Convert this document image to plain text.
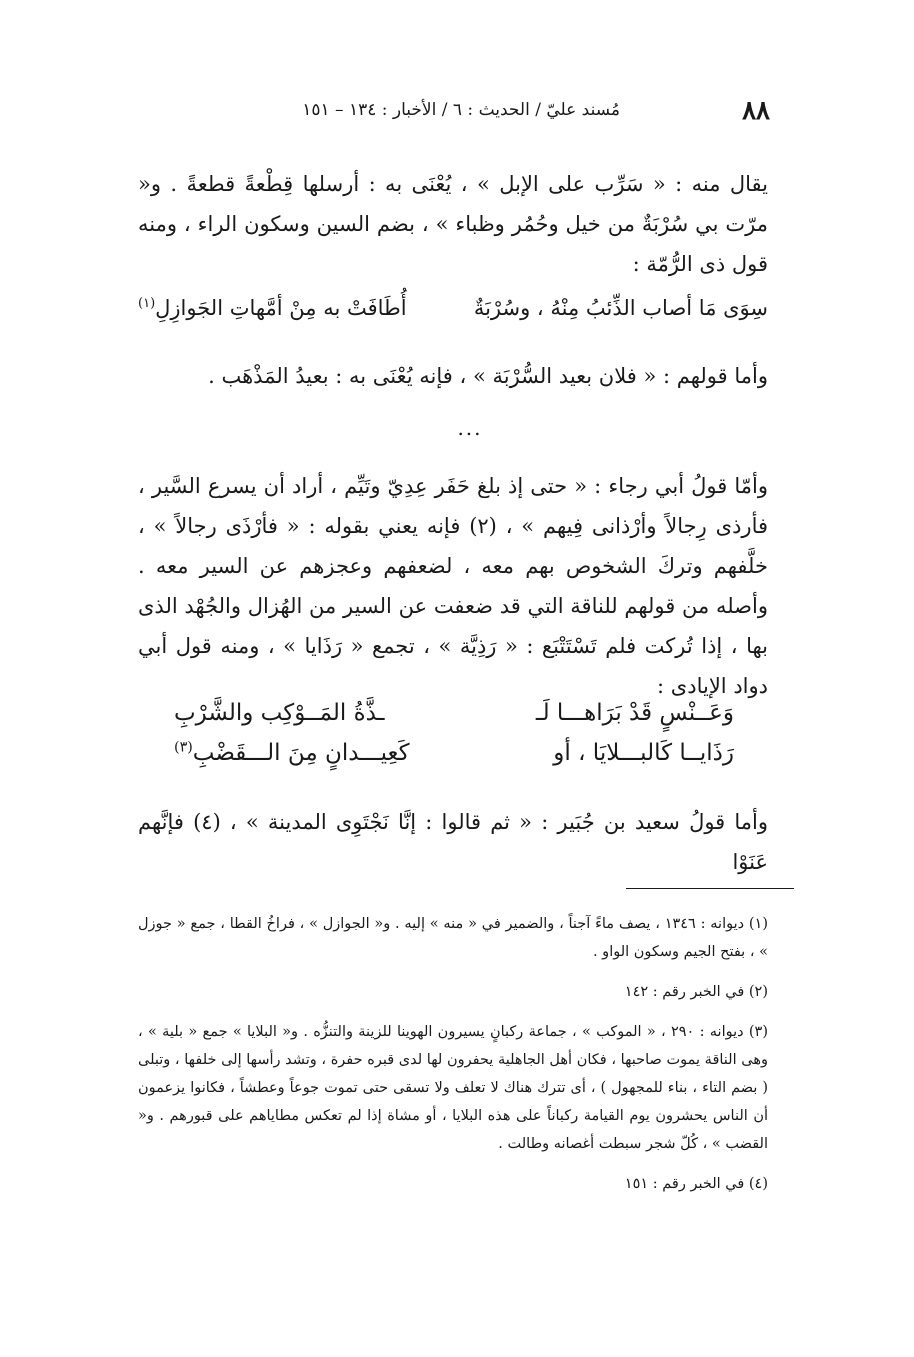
٨٨
مُسند عليّ / الحديث : ٦ / الأخبار : ١٣٤ – ١٥١

يقال منه : « سَرِّب على الإبل » ، يُعْنَى به : أرسلها قِطْعةً قطعةً . و« مرّت بي سُرْبَةٌ من خيل وحُمُر وظباء » ، بضم السين وسكون الراء ، ومنه قول ذى الرُّمّة :

سِوَى مَا أصاب الذِّئبُ مِنْهُ ، وسُرْبَةٌ
أُطَافَتْ به مِنْ أمَّهاتِ الجَوازِلِ$^{(١)}$

وأما قولهم : « فلان بعيد السُّرْبَة » ، فإنه يُعْنَى به : بعيدُ المَذْهَب .

...

وأمّا قولُ أبي رجاء : « حتى إذ بلغ حَفَر عِدِيّ وتَيِّم ، أراد أن يسرع السَّير ، فأرذى رِجالاً وأرْذانى فِيهم » ، (٢) فإنه يعني بقوله : « فأرْذَى رجالاً » ، خلَّفهم وتركَ الشخوص بهم معه ، لضعفهم وعجزهم عن السير معه . وأصله من قولهم للناقة التي قد ضعفت عن السير من الهُزال والجُهْد الذى بها ، إذا تُركت فلم تَسْتَتْبَع : « رَذِيَّة » ، تجمع « رَذَايا » ، ومنه قول أبي دواد الإيادى :

وَعَــنْسٍ قَدْ بَرَاهـــا لَـ
ـذَّةُ المَــوْكِب والشَّرْبِ
رَذَايــا كَالبـــلايَا ، أو
كَعِيـــدانٍ مِنَ الـــقَضْبِ$^{(٣)}$

وأما قولُ سعيد بن جُبَير : « ثم قالوا : إنَّا نَجْتَوِى المدينة » ، (٤) فإنَّهم عَنَوْا

(١) ديوانه : ١٣٤٦ ، يصف ماءً آجناً ، والضمير في « منه » إليه . و« الجوازل » ، فراخُ القطا ، جمع « جوزل » ، بفتح الجيم وسكون الواو .

(٢) في الخبر رقم : ١٤٢

(٣) ديوانه : ٢٩٠ ، « الموكب » ، جماعة ركبانٍ يسيرون الهوينا للزينة والتنزُّه . و« البلايا » جمع « بلية » ، وهى الناقة يموت صاحبها ، فكان أهل الجاهلية يحفرون لها لدى قبره حفرة ، وتشد رأسها إلى خلفها ، وتبلى ( بضم التاء ، بناء للمجهول ) ، أى تترك هناك لا تعلف ولا تسقى حتى تموت جوعاً وعطشاً ، فكانوا يزعمون أن الناس يحشرون يوم القيامة ركباناً على هذه البلايا ، أو مشاة إذا لم تعكس مطاياهم على قبورهم . و« القضب » ، كُلّ شجر سبطت أغصانه وطالت .

(٤) في الخبر رقم : ١٥١
